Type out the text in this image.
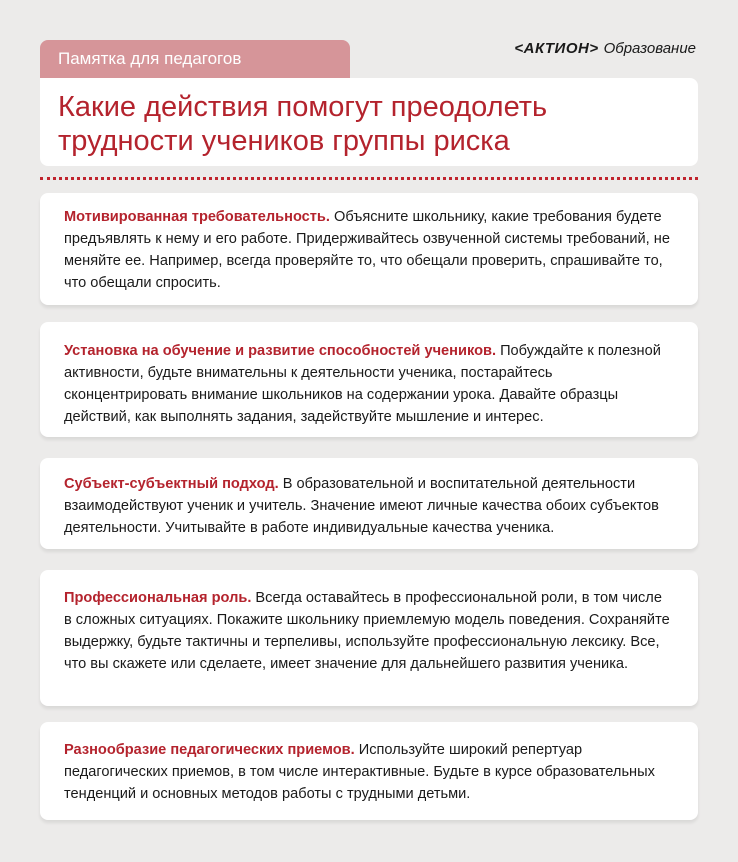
Памятка для педагогов
<АКТИОН> Образование
Какие действия помогут преодолеть
трудности учеников группы риска

Мотивированная требовательность. Объясните школьнику, какие требования будете предъявлять к нему и его работе. Придерживайтесь озвученной системы требований, не меняйте ее. Например, всегда проверяйте то, что обещали проверить, спрашивайте то, что обещали спросить.

Установка на обучение и развитие способностей учеников. Побуждайте к полезной активности, будьте внимательны к деятельности ученика, постарайтесь сконцентрировать внимание школьников на содержании урока. Давайте образцы действий, как выполнять задания, задействуйте мышление и интерес.

Субъект-субъектный подход. В образовательной и воспитательной деятельности взаимодействуют ученик и учитель. Значение имеют личные качества обоих субъектов деятельности. Учитывайте в работе индивидуальные качества ученика.

Профессиональная роль. Всегда оставайтесь в профессиональной роли, в том числе в сложных ситуациях. Покажите школьнику приемлемую модель поведения. Сохраняйте выдержку, будьте тактичны и терпеливы, используйте профессиональную лексику. Все, что вы скажете или сделаете, имеет значение для дальнейшего развития ученика.

Разнообразие педагогических приемов. Используйте широкий репертуар педагогических приемов, в том числе интерактивные. Будьте в курсе образовательных тенденций и основных методов работы с трудными детьми.
